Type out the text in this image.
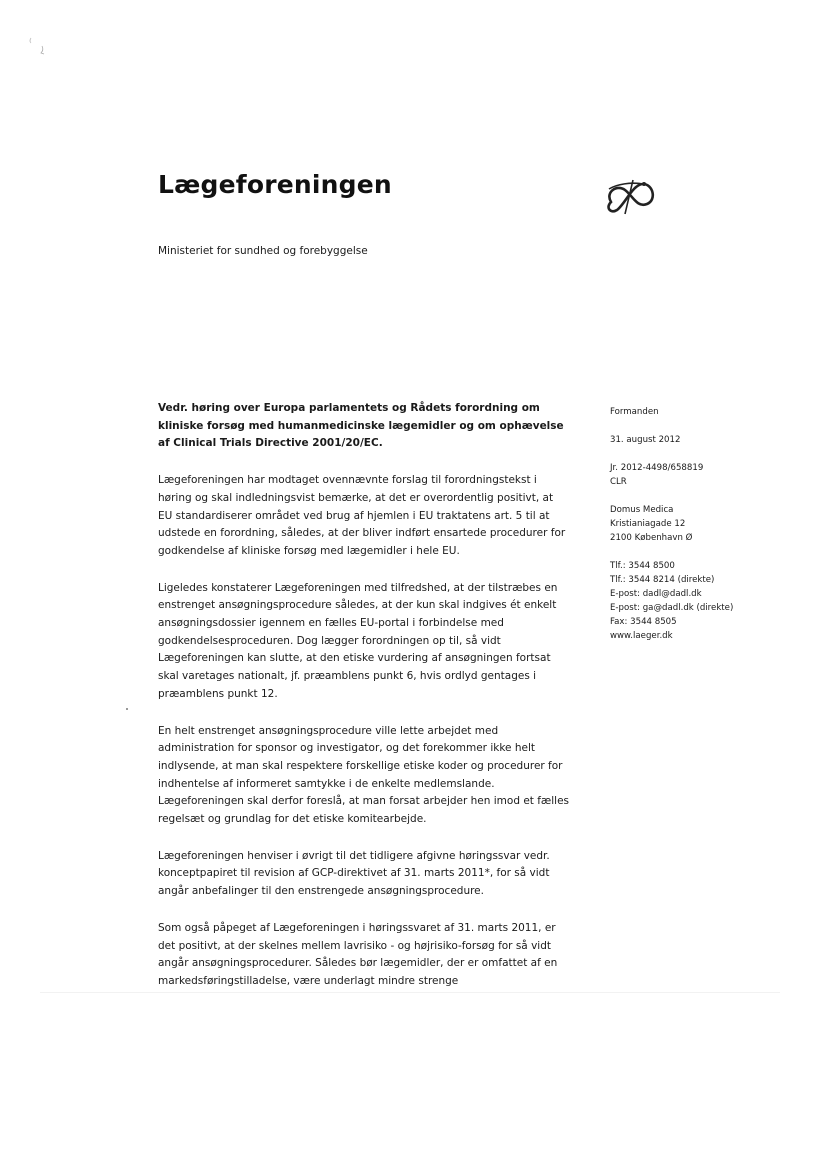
Lægeforeningen
Ministeriet for sundhed og forebyggelse

Vedr. høring over Europa parlamentets og Rådets forordning om kliniske forsøg med humanmedicinske lægemidler og om ophævelse af Clinical Trials Directive 2001/20/EC.

Lægeforeningen har modtaget ovennævnte forslag til forordningstekst i høring og skal indledningsvist bemærke, at det er overordentlig positivt, at EU standardiserer området ved brug af hjemlen i EU traktatens art. 5 til at udstede en forordning, således, at der bliver indført ensartede procedurer for godkendelse af kliniske forsøg med lægemidler i hele EU.

Ligeledes konstaterer Lægeforeningen med tilfredshed, at der tilstræbes en enstrenget ansøgningsprocedure således, at der kun skal indgives ét enkelt ansøgningsdossier igennem en fælles EU-portal i forbindelse med godkendelsesproceduren. Dog lægger forordningen op til, så vidt Lægeforeningen kan slutte, at den etiske vurdering af ansøgningen fortsat skal varetages nationalt, jf. præamblens punkt 6, hvis ordlyd gentages i præamblens punkt 12.

En helt enstrenget ansøgningsprocedure ville lette arbejdet med administration for sponsor og investigator, og det forekommer ikke helt indlysende, at man skal respektere forskellige etiske koder og procedurer for indhentelse af informeret samtykke i de enkelte medlemslande. Lægeforeningen skal derfor foreslå, at man forsat arbejder hen imod et fælles regelsæt og grundlag for det etiske komitearbejde.

Lægeforeningen henviser i øvrigt til det tidligere afgivne høringssvar vedr. konceptpapiret til revision af GCP-direktivet af 31. marts 2011*, for så vidt angår anbefalinger til den enstrengede ansøgningsprocedure.

Som også påpeget af Lægeforeningen i høringssvaret af 31. marts 2011, er det positivt, at der skelnes mellem lavrisiko - og højrisiko-forsøg for så vidt angår ansøgningsprocedurer. Således bør lægemidler, der er omfattet af en markedsføringstilladelse, være underlagt mindre strenge

Formanden
31. august 2012
Jr. 2012-4498/658819
CLR
Domus Medica
Kristianiagade 12
2100 København Ø
Tlf.: 3544 8500
Tlf.: 3544 8214 (direkte)
E-post: dadl@dadl.dk
E-post: ga@dadl.dk (direkte)
Fax: 3544 8505
www.laeger.dk
